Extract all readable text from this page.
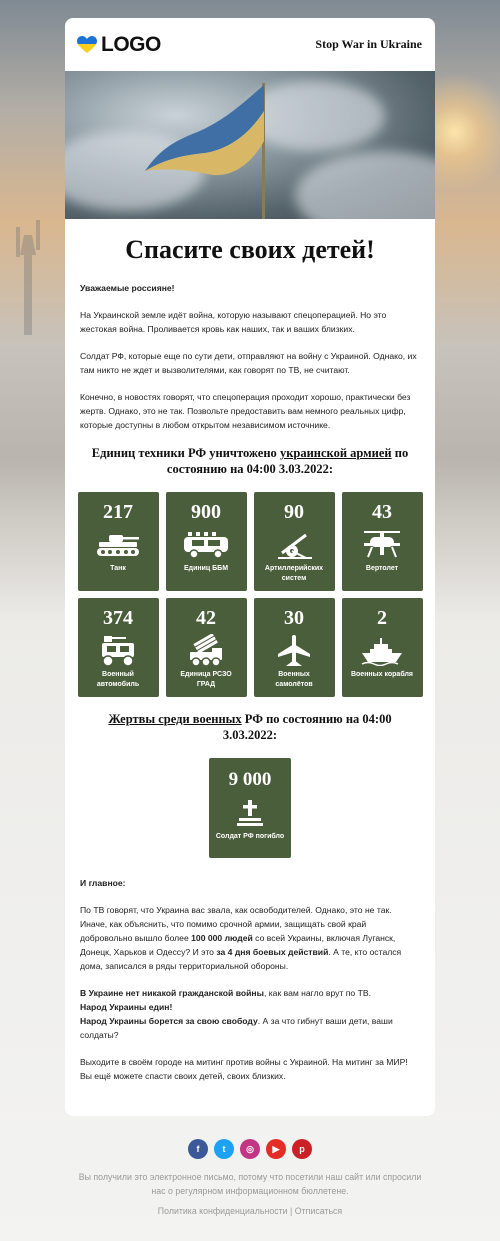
LOGO	Stop War in Ukraine
Спасите своих детей!

Уважаемые россияне!

На Украинской земле идёт война, которую называют спецоперацией. Но это жестокая война. Проливается кровь как наших, так и ваших близких.

Солдат РФ, которые еще по сути дети, отправляют на войну с Украиной. Однако, их там никто не ждет и вызволителями, как говорят по ТВ, не считают.

Конечно, в новостях говорят, что спецоперация проходит хорошо, практически без жертв. Однако, это не так. Позвольте предоставить вам немного реальных цифр, которые доступны в любом открытом независимом источнике.

Единиц техники РФ уничтожено украинской армией по состоянию на 04:00 3.03.2022:
217
Танк
900
Единиц ББМ
90
Артиллерийских систем
43
Вертолет
374
Военный автомобиль
42
Единица РСЗО ГРАД
30
Военных самолётов
2
Военных корабля
Жертвы среди военных РФ по состоянию на 04:00 3.03.2022:
9 000
Солдат РФ погибло

И главное:

По ТВ говорят, что Украина вас звала, как освободителей. Однако, это не так. Иначе, как объяснить, что помимо срочной армии, защищать свой край добровольно вышло более 100 000 людей со всей Украины, включая Луганск, Донецк, Харьков и Одессу? И это за 4 дня боевых действий. А те, кто остался дома, записался в ряды территориальной обороны.

В Украине нет никакой гражданской войны, как вам нагло врут по ТВ.
Народ Украины един!
Народ Украины борется за свою свободу. А за что гибнут ваши дети, ваши солдаты?

Выходите в своём городе на митинг против войны с Украиной. На митинг за МИР! Вы ещё можете спасти своих детей, своих близких.

f	t	◎	▶	p
Вы получили это электронное письмо, потому что посетили наш сайт или спросили нас о регулярном информационном бюллетене.
Политика конфиденциальности | Отписаться
